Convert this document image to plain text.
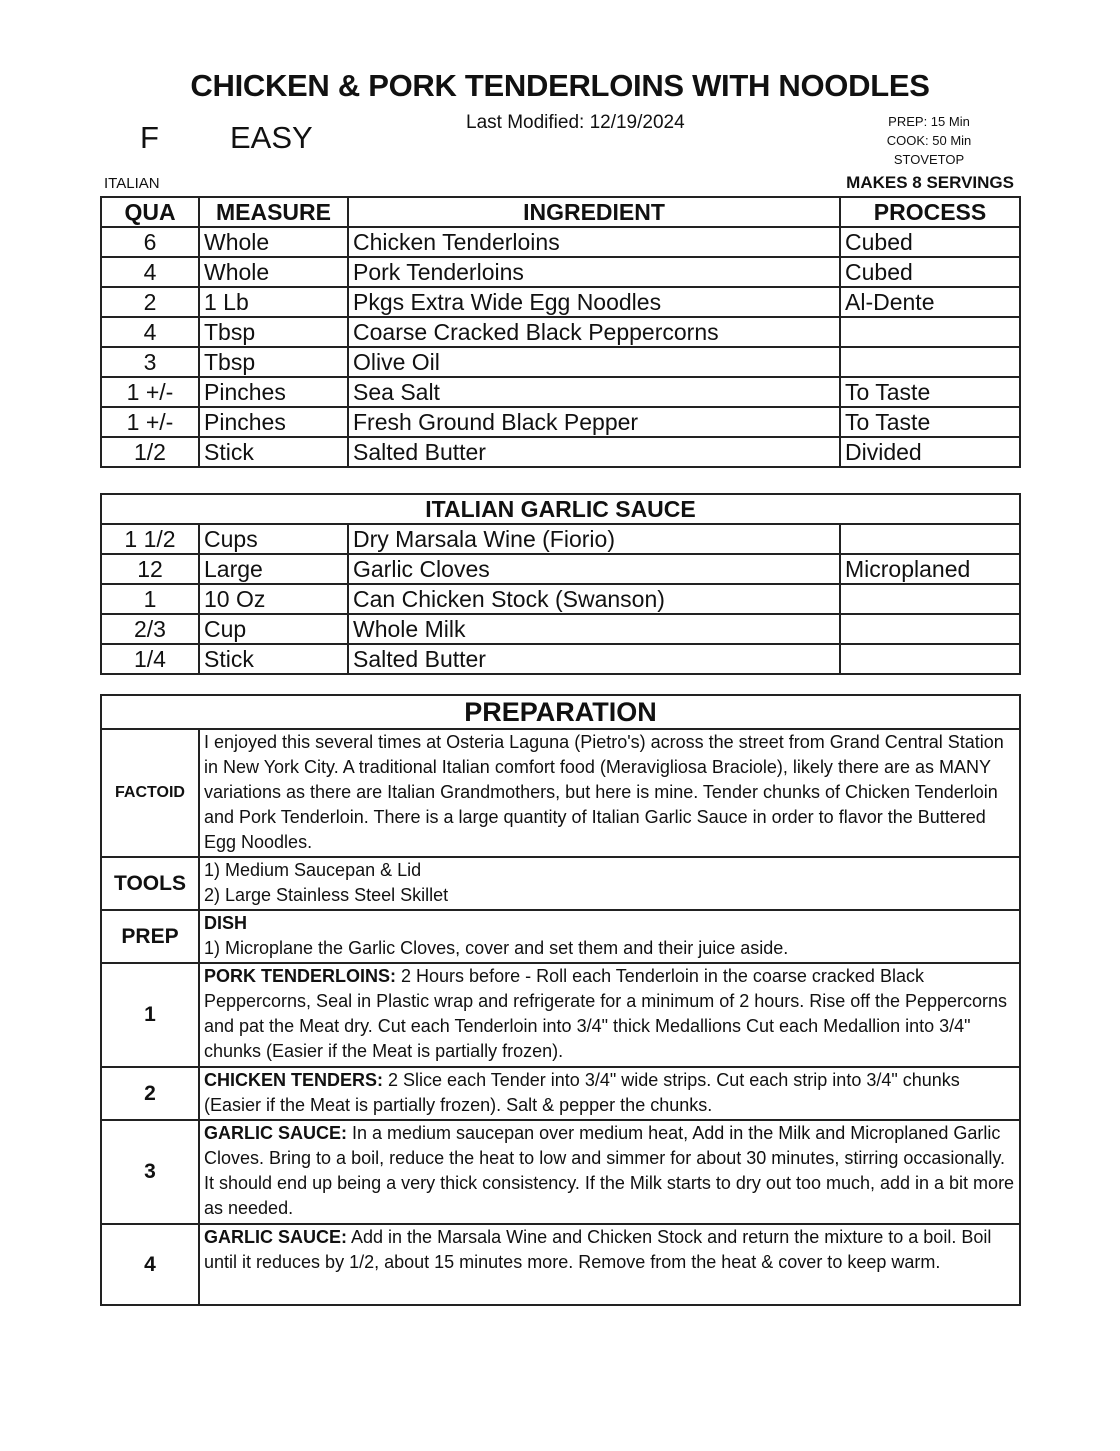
CHICKEN & PORK TENDERLOINS WITH NOODLES
F EASY	Last Modified: 12/19/2024	PREP: 15 Min
COOK: 50 Min
STOVETOP
ITALIAN	MAKES 8 SERVINGS
QUA	MEASURE	INGREDIENT	PROCESS
6	Whole	Chicken Tenderloins	Cubed
4	Whole	Pork Tenderloins	Cubed
2	1 Lb	Pkgs Extra Wide Egg Noodles	Al-Dente
4	Tbsp	Coarse Cracked Black Peppercorns	
3	Tbsp	Olive Oil	
1 +/-	Pinches	Sea Salt	To Taste
1 +/-	Pinches	Fresh Ground Black Pepper	To Taste
1/2	Stick	Salted Butter	Divided
ITALIAN GARLIC SAUCE			
1 1/2	Cups	Dry Marsala Wine (Fiorio)	
12	Large	Garlic Cloves	Microplaned
1	10 Oz	Can Chicken Stock (Swanson)	
2/3	Cup	Whole Milk	
1/4	Stick	Salted Butter	
PREPARATION	
FACTOID	I enjoyed this several times at Osteria Laguna (Pietro's) across the street from Grand Central Station in New York City. A traditional Italian comfort food (Meravigliosa Braciole), likely there are as MANY variations as there are Italian Grandmothers, but here is mine. Tender chunks of Chicken Tenderloin and Pork Tenderloin. There is a large quantity of Italian Garlic Sauce in order to flavor the Buttered Egg Noodles.
TOOLS	1) Medium Saucepan & Lid
2) Large Stainless Steel Skillet

PREP	DISH
1) Microplane the Garlic Cloves, cover and set them and their juice aside.

1	PORK TENDERLOINS: 2 Hours before - Roll each Tenderloin in the coarse cracked Black Peppercorns, Seal in Plastic wrap and refrigerate for a minimum of 2 hours. Rise off the Peppercorns and pat the Meat dry. Cut each Tenderloin into 3/4" thick Medallions Cut each Medallion into 3/4" chunks (Easier if the Meat is partially frozen).
2	CHICKEN TENDERS: 2 Slice each Tender into 3/4" wide strips. Cut each strip into 3/4" chunks (Easier if the Meat is partially frozen). Salt & pepper the chunks.
3	GARLIC SAUCE: In a medium saucepan over medium heat, Add in the Milk and Microplaned Garlic Cloves. Bring to a boil, reduce the heat to low and simmer for about 30 minutes, stirring occasionally. It should end up being a very thick consistency. If the Milk starts to dry out too much, add in a bit more as needed.
4	GARLIC SAUCE: Add in the Marsala Wine and Chicken Stock and return the mixture to a boil. Boil until it reduces by 1/2, about 15 minutes more. Remove from the heat & cover to keep warm.
